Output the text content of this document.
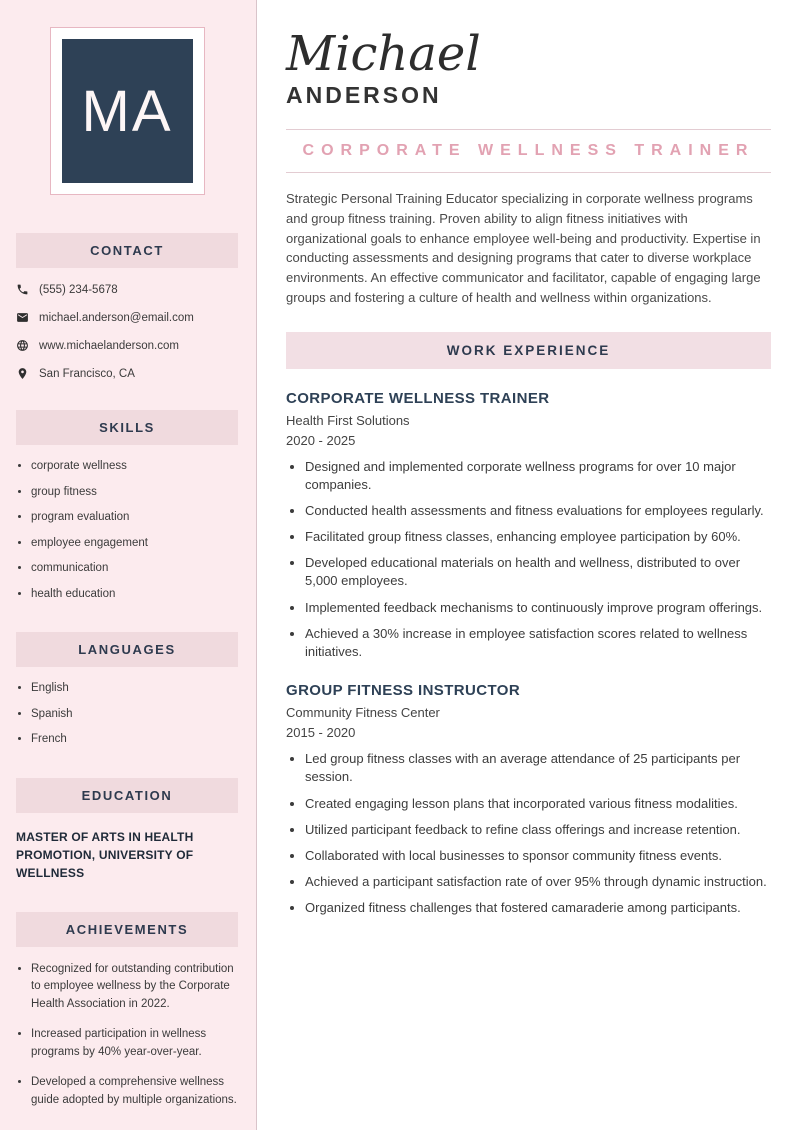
MA
CONTACT
(555) 234-5678
michael.anderson@email.com
www.michaelanderson.com
San Francisco, CA
SKILLS
• corporate wellness
• group fitness
• program evaluation
• employee engagement
• communication
• health education
LANGUAGES
• English
• Spanish
• French
EDUCATION
MASTER OF ARTS IN HEALTH PROMOTION, UNIVERSITY OF WELLNESS
ACHIEVEMENTS
• Recognized for outstanding contribution to employee wellness by the Corporate Health Association in 2022.
• Increased participation in wellness programs by 40% year-over-year.
• Developed a comprehensive wellness guide adopted by multiple organizations.
Michael
ANDERSON
CORPORATE WELLNESS TRAINER

Strategic Personal Training Educator specializing in corporate wellness programs and group fitness training. Proven ability to align fitness initiatives with organizational goals to enhance employee well-being and productivity. Expertise in conducting assessments and designing programs that cater to diverse workplace environments. An effective communicator and facilitator, capable of engaging large groups and fostering a culture of health and wellness within organizations.

WORK EXPERIENCE
CORPORATE WELLNESS TRAINER
Health First Solutions
2020 - 2025
• Designed and implemented corporate wellness programs for over 10 major companies.
• Conducted health assessments and fitness evaluations for employees regularly.
• Facilitated group fitness classes, enhancing employee participation by 60%.
• Developed educational materials on health and wellness, distributed to over 5,000 employees.
• Implemented feedback mechanisms to continuously improve program offerings.
• Achieved a 30% increase in employee satisfaction scores related to wellness initiatives.
GROUP FITNESS INSTRUCTOR
Community Fitness Center
2015 - 2020
• Led group fitness classes with an average attendance of 25 participants per session.
• Created engaging lesson plans that incorporated various fitness modalities.
• Utilized participant feedback to refine class offerings and increase retention.
• Collaborated with local businesses to sponsor community fitness events.
• Achieved a participant satisfaction rate of over 95% through dynamic instruction.
• Organized fitness challenges that fostered camaraderie among participants.
